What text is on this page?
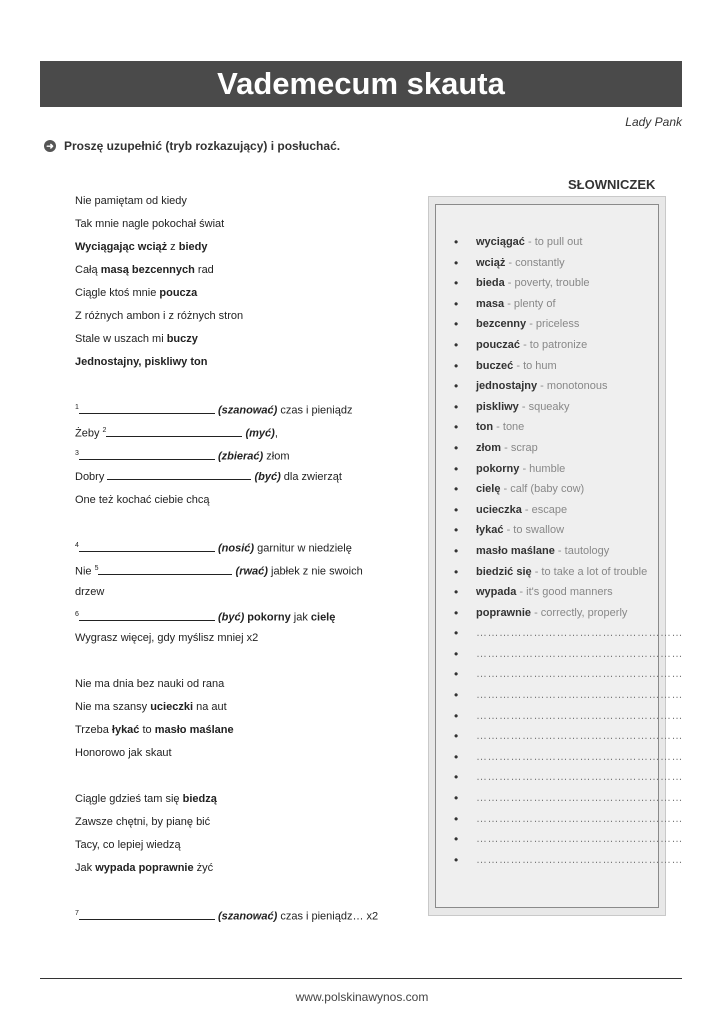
Vademecum skauta
Lady Pank
➜ Proszę uzupełnić (tryb rozkazujący) i posłuchać.
Nie pamiętam od kiedy
Tak mnie nagle pokochał świat
Wyciągając wciąż z biedy
Całą masą bezcennych rad
Ciągle ktoś mnie poucza
Z różnych ambon i z różnych stron
Stale w uszach mi buczy
Jednostajny, piskliwy ton
$^1$	(szanować) czas i pieniądz
Żeby $^2$	(myć),
$^3$	(zbierać) złom
Dobry	(być) dla zwierząt
One też kochać ciebie chcą
$^4$	(nosić) garnitur w niedzielę
Nie $^5$	(rwać) jabłek z nie swoich
drzew
$^6$	(być) pokorny jak cielę
Wygrasz więcej, gdy myślisz mniej x2
Nie ma dnia bez nauki od rana
Nie ma szansy ucieczki na aut
Trzeba łykać to masło maślane
Honorowo jak skaut
Ciągle gdzieś tam się biedzą
Zawsze chętni, by pianę bić
Tacy, co lepiej wiedzą
Jak wypada poprawnie żyć
$^7$	(szanować) czas i pieniądz… x2
SŁOWNICZEK
• wyciągać - to pull out
• wciąż - constantly
• bieda - poverty, trouble
• masa - plenty of
• bezcenny - priceless
• pouczać - to patronize
• buczeć - to hum
• jednostajny - monotonous
• piskliwy - squeaky
• ton - tone
• złom - scrap
• pokorny - humble
• cielę - calf (baby cow)
• ucieczka - escape
• łykać - to swallow
• masło maślane - tautology
• biedzić się - to take a lot of trouble
• wypada - it's good manners
• poprawnie - correctly, properly
• ………………………………………………
• ………………………………………………
• ………………………………………………
• ………………………………………………
• ………………………………………………
• ………………………………………………
• ………………………………………………
• ………………………………………………
• ………………………………………………
• ………………………………………………
• ………………………………………………
• ………………………………………………
www.polskinawynos.com
